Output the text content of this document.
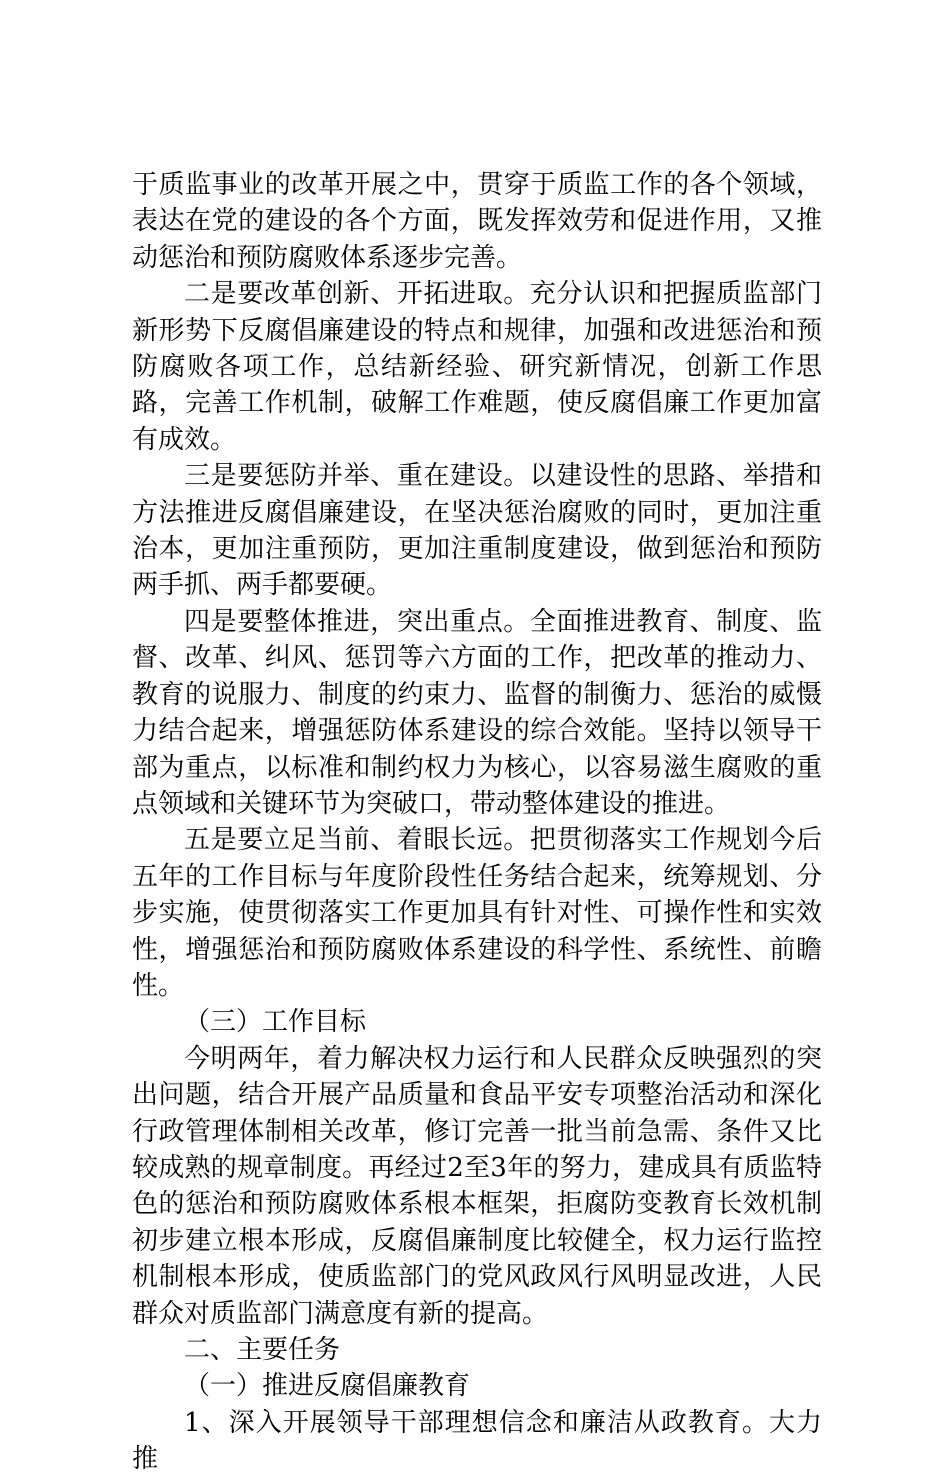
于质监事业的改革开展之中，贯穿于质监工作的各个领域，表达在党的建设的各个方面，既发挥效劳和促进作用，又推动惩治和预防腐败体系逐步完善。

二是要改革创新、开拓进取。充分认识和把握质监部门新形势下反腐倡廉建设的特点和规律，加强和改进惩治和预防腐败各项工作，总结新经验、研究新情况，创新工作思路，完善工作机制，破解工作难题，使反腐倡廉工作更加富有成效。

三是要惩防并举、重在建设。以建设性的思路、举措和方法推进反腐倡廉建设，在坚决惩治腐败的同时，更加注重治本，更加注重预防，更加注重制度建设，做到惩治和预防两手抓、两手都要硬。

四是要整体推进，突出重点。全面推进教育、制度、监督、改革、纠风、惩罚等六方面的工作，把改革的推动力、教育的说服力、制度的约束力、监督的制衡力、惩治的威慑力结合起来，增强惩防体系建设的综合效能。坚持以领导干部为重点，以标准和制约权力为核心，以容易滋生腐败的重点领域和关键环节为突破口，带动整体建设的推进。

五是要立足当前、着眼长远。把贯彻落实工作规划今后五年的工作目标与年度阶段性任务结合起来，统筹规划、分步实施，使贯彻落实工作更加具有针对性、可操作性和实效性，增强惩治和预防腐败体系建设的科学性、系统性、前瞻性。

（三）工作目标

今明两年，着力解决权力运行和人民群众反映强烈的突出问题，结合开展产品质量和食品平安专项整治活动和深化行政管理体制相关改革，修订完善一批当前急需、条件又比较成熟的规章制度。再经过2至3年的努力，建成具有质监特色的惩治和预防腐败体系根本框架，拒腐防变教育长效机制初步建立根本形成，反腐倡廉制度比较健全，权力运行监控机制根本形成，使质监部门的党风政风行风明显改进，人民群众对质监部门满意度有新的提高。

二、主要任务

（一）推进反腐倡廉教育

1、深入开展领导干部理想信念和廉洁从政教育。大力推
